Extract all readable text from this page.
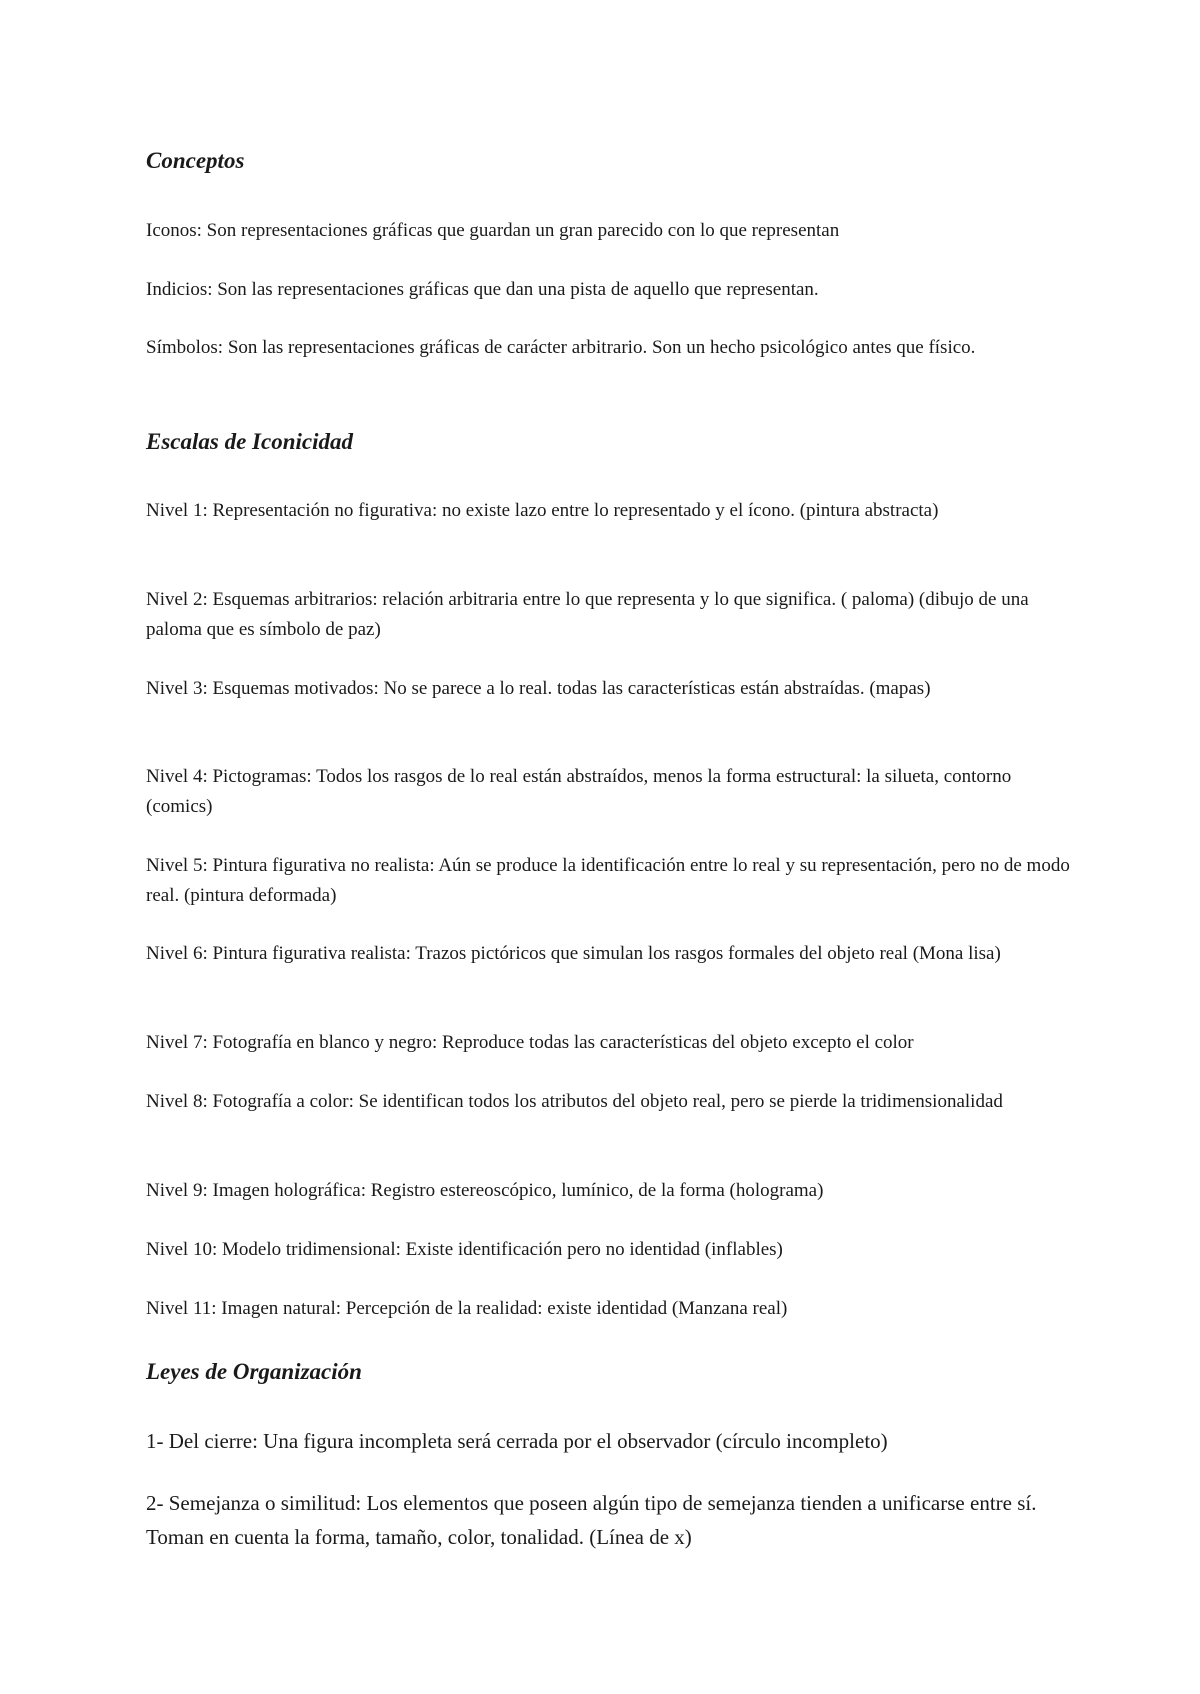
Conceptos

Iconos: Son representaciones gráficas que guardan un gran parecido con lo que representan

Indicios: Son las representaciones gráficas que dan una pista de aquello que representan.

Símbolos: Son las representaciones gráficas de carácter arbitrario. Son un hecho psicológico antes que físico.

Escalas de Iconicidad

Nivel 1: Representación no figurativa: no existe lazo entre lo representado y el ícono. (pintura abstracta)

Nivel 2: Esquemas arbitrarios: relación arbitraria entre lo que representa y lo que significa. ( paloma) (dibujo de una paloma que es símbolo de paz)

Nivel 3: Esquemas motivados: No se parece a lo real. todas las características están abstraídas. (mapas)

Nivel 4: Pictogramas: Todos los rasgos de lo real están abstraídos, menos la forma estructural: la silueta, contorno (comics)

Nivel 5: Pintura figurativa no realista: Aún se produce la identificación entre lo real y su representación, pero no de modo real. (pintura deformada)

Nivel 6: Pintura figurativa realista: Trazos pictóricos que simulan los rasgos formales del objeto real (Mona lisa)

Nivel 7: Fotografía en blanco y negro: Reproduce todas las características del objeto excepto el color

Nivel 8: Fotografía a color: Se identifican todos los atributos del objeto real, pero se pierde la tridimensionalidad

Nivel 9: Imagen holográfica: Registro estereoscópico, lumínico, de la forma (holograma)

Nivel 10: Modelo tridimensional: Existe identificación pero no identidad (inflables)

Nivel 11: Imagen natural: Percepción de la realidad: existe identidad (Manzana real)

Leyes de Organización

1- Del cierre: Una figura incompleta será cerrada por el observador (círculo incompleto)

2- Semejanza o similitud: Los elementos que poseen algún tipo de semejanza tienden a unificarse entre sí. Toman en cuenta la forma, tamaño, color, tonalidad. (Línea de x)
